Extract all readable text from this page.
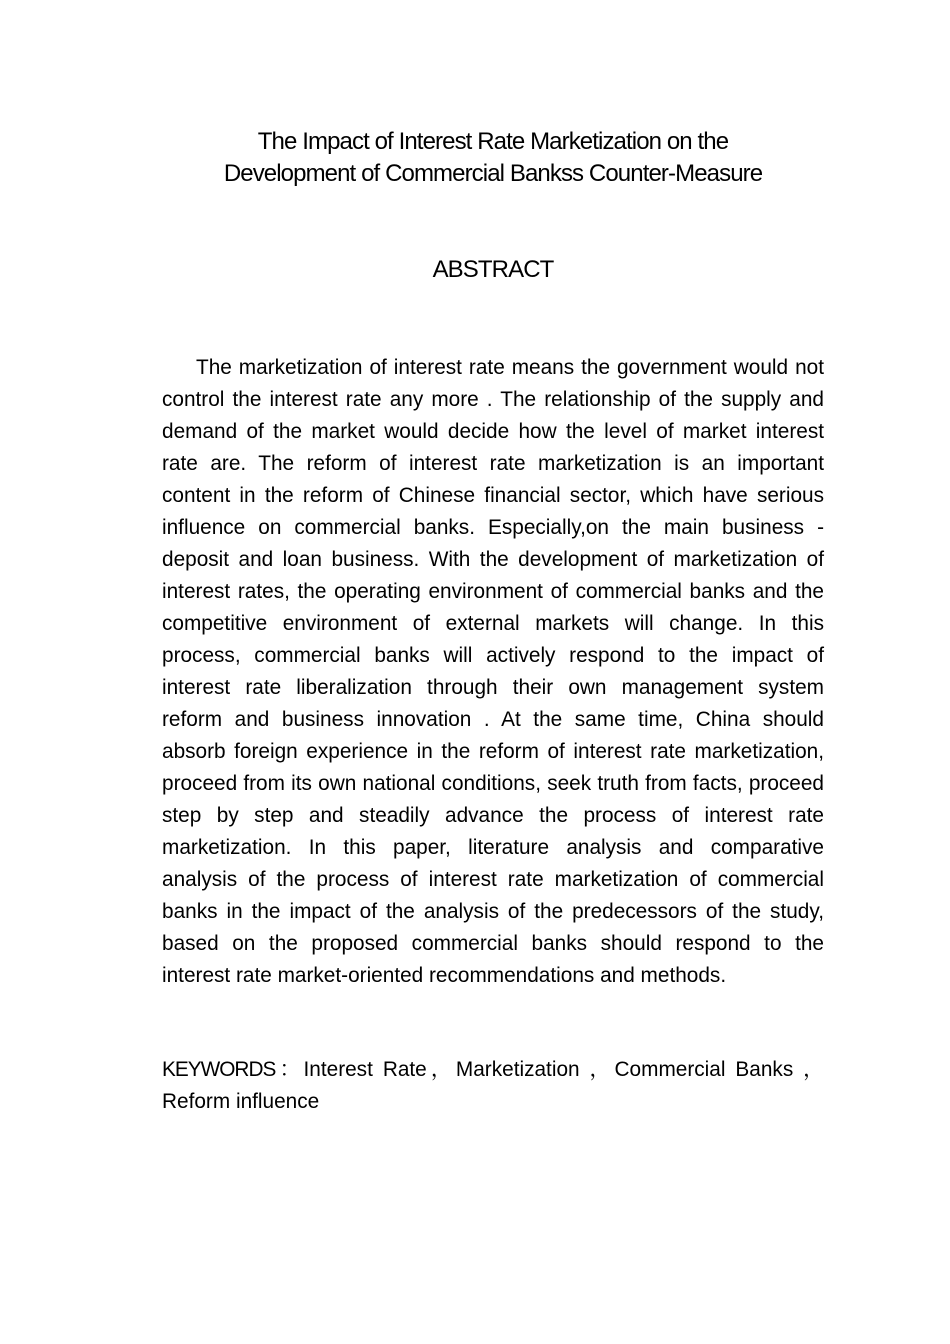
The Impact of Interest Rate Marketization on the
Development of Commercial Bankss Counter-Measure
ABSTRACT

The marketization of interest rate means the government would not control the interest rate any more . The relationship of the supply and demand of the market would decide how the level of market interest rate are. The reform of interest rate marketization is an important content in the reform of Chinese financial sector, which have serious influence on commercial banks. Especially,on the main business - deposit and loan business. With the development of marketization of interest rates, the operating environment of commercial banks and the competitive environment of external markets will change. In this process, commercial banks will actively respond to the impact of interest rate liberalization through their own management system reform and business innovation . At the same time, China should absorb foreign experience in the reform of interest rate marketization, proceed from its own national conditions, seek truth from facts, proceed step by step and steadily advance the process of interest rate marketization. In this paper, literature analysis and comparative analysis of the process of interest rate marketization of commercial banks in the impact of the analysis of the predecessors of the study, based on the proposed commercial banks should respond to the interest rate market-oriented recommendations and methods.

KEYWORDS：Interest Rate，Marketization ，Commercial Banks ， Reform influence
